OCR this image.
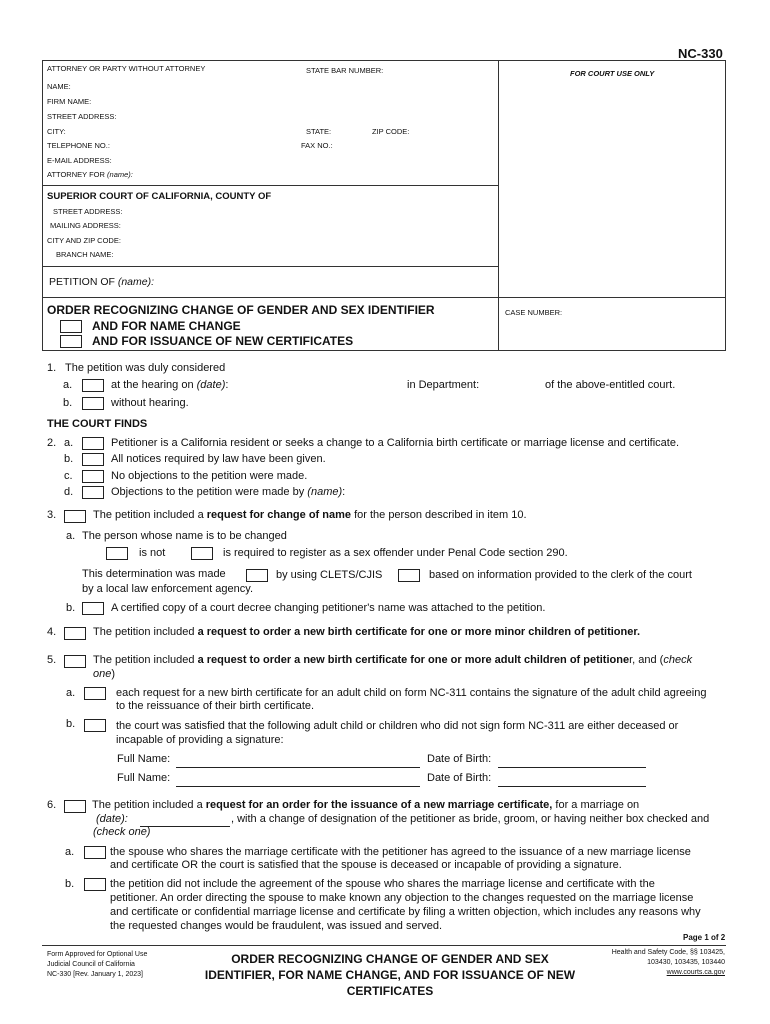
NC-330
ATTORNEY OR PARTY WITHOUT ATTORNEY	STATE BAR NUMBER:	FOR COURT USE ONLY
NAME:
FIRM NAME:
STREET ADDRESS:
CITY:	STATE:	ZIP CODE:
TELEPHONE NO.:	FAX NO.:
E-MAIL ADDRESS:
ATTORNEY FOR (name):
SUPERIOR COURT OF CALIFORNIA, COUNTY OF
STREET ADDRESS:
MAILING ADDRESS:
CITY AND ZIP CODE:
BRANCH NAME:
PETITION OF (name):
ORDER RECOGNIZING CHANGE OF GENDER AND SEX IDENTIFIER
AND FOR NAME CHANGE
AND FOR ISSUANCE OF NEW CERTIFICATES
CASE NUMBER:
1. The petition was duly considered
a.	at the hearing on (date):	in Department:	of the above-entitled court.
b.	without hearing.
THE COURT FINDS
2. a.	Petitioner is a California resident or seeks a change to a California birth certificate or marriage license and certificate.
b.	All notices required by law have been given.
c.	No objections to the petition were made.
d.	Objections to the petition were made by (name):
3.	The petition included a request for change of name for the person described in item 10.
a. The person whose name is to be changed
is not	is required to register as a sex offender under Penal Code section 290.
This determination was made	by using CLETS/CJIS	based on information provided to the clerk of the court
by a local law enforcement agency.
b.	A certified copy of a court decree changing petitioner's name was attached to the petition.
4.	The petition included a request to order a new birth certificate for one or more minor children of petitioner.
5.	The petition included a request to order a new birth certificate for one or more adult children of petitioner, and (check
one)
a.	each request for a new birth certificate for an adult child on form NC-311 contains the signature of the adult child agreeing
to the reissuance of their birth certificate.
b.	the court was satisfied that the following adult child or children who did not sign form NC-311 are either deceased or
incapable of providing a signature:
Full Name:	Date of Birth:
Full Name:	Date of Birth:
6.	The petition included a request for an order for the issuance of a new marriage certificate, for a marriage on
(date):	, with a change of designation of the petitioner as bride, groom, or having neither box checked and
(check one)
a.	the spouse who shares the marriage certificate with the petitioner has agreed to the issuance of a new marriage license
and certificate OR the court is satisfied that the spouse is deceased or incapable of providing a signature.
b.	the petition did not include the agreement of the spouse who shares the marriage license and certificate with the
petitioner. An order directing the spouse to make known any objection to the changes requested on the marriage license
and certificate or confidential marriage license and certificate by filing a written objection, which includes any reasons why
the requested changes would be fraudulent, was issued and served.
Page 1 of 2
Form Approved for Optional Use
Judicial Council of California
NC-330 [Rev. January 1, 2023]
ORDER RECOGNIZING CHANGE OF GENDER AND SEX
IDENTIFIER, FOR NAME CHANGE, AND FOR ISSUANCE OF NEW
CERTIFICATES
Health and Safety Code, §§ 103425,
103430, 103435, 103440
www.courts.ca.gov
